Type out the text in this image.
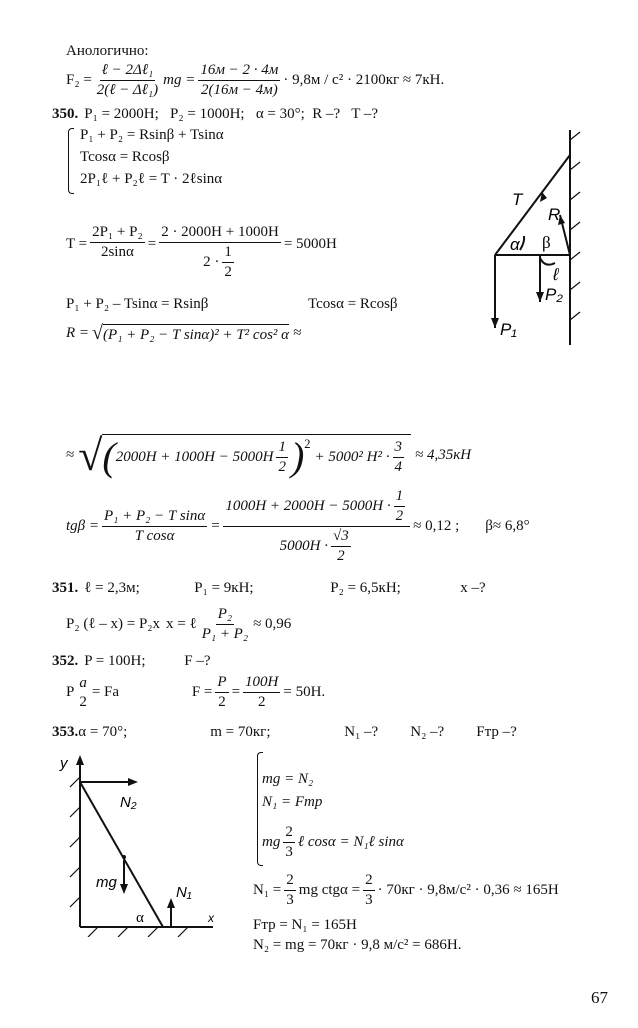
Анологично:
F₂ =
ℓ − 2Δℓ₁
2(ℓ − Δℓ₁)
mg =
16м − 2 · 4м
2(16м − 4м)
· 9,8м / с² · 2100кг ≈ 7кН.
350. P₁ = 2000Н;   P₂ = 1000Н;   α = 30°;  R –?   T –?
P₁ + P₂ = Rsinβ + Tsinα
Tcosα = Rcosβ
2P₁ℓ + P₂ℓ = T · 2ℓsinα
$T = \frac{\text{2P₁ + P₂}}{2\sin\alpha}$ =
2 · 2000Н + 1000Н
$2 \cdot \frac{1}{2}$	= 5000Н
P₁ + P₂ – Tsinα = Rsinβ	Tcosα = Rcosβ
R = √ (P₁ + P₂ − T sinα)² + T² cos² α ≈
≈ √ ( $2000H + 1000H - 5000H \frac{1}{2} )^2$
+ 5000² $H^2 \cdot \frac{3}{4} \approx 4,35кН$
$tg\beta = \frac{\text{P₁ + P₂ − T sinα}}{\text{T cosα}} = \frac{1000H + 2000H - 5000H \cdot \frac{1}{2}}{5000H \cdot \frac{√3}{2}} \approx 0,12$ ; β≈ 6,8°
T
R
α β
ℓ
P₁
P₂
351. ℓ = 2,3м;	P₁ = 9кН;	P₂ = 6,5кН;	x –?
P₂ (ℓ – x) = P₂x x = ℓ $\frac{\text{P₂}}{\text{P₁ + P₂}} \approx 0,96$
352. P = 100Н;	F –?
P
a
2
= Fa	$F = \frac{P}{2} = \frac{100H}{2} = 50Н$.
353. α = 70°;	m = 70кг;	N₁ –?	N₂ –?	Fтр –?
mg = N₂
N₁ = Fтр
mg $\frac{2}{3}$ ℓ cosα = N₁ℓ sinα
$N_1 = \frac{2}{3}$ mg $ctg\alpha = \frac{2}{3} \cdot 70кг \cdot 9,8м/с^2 \cdot 0,36 \approx 165Н$
Fтр = N₁ = 165Н
N₂ = mg = 70кг · 9,8 м/с² = 686Н.
y
x
N₂
mg
N₁
α
67
